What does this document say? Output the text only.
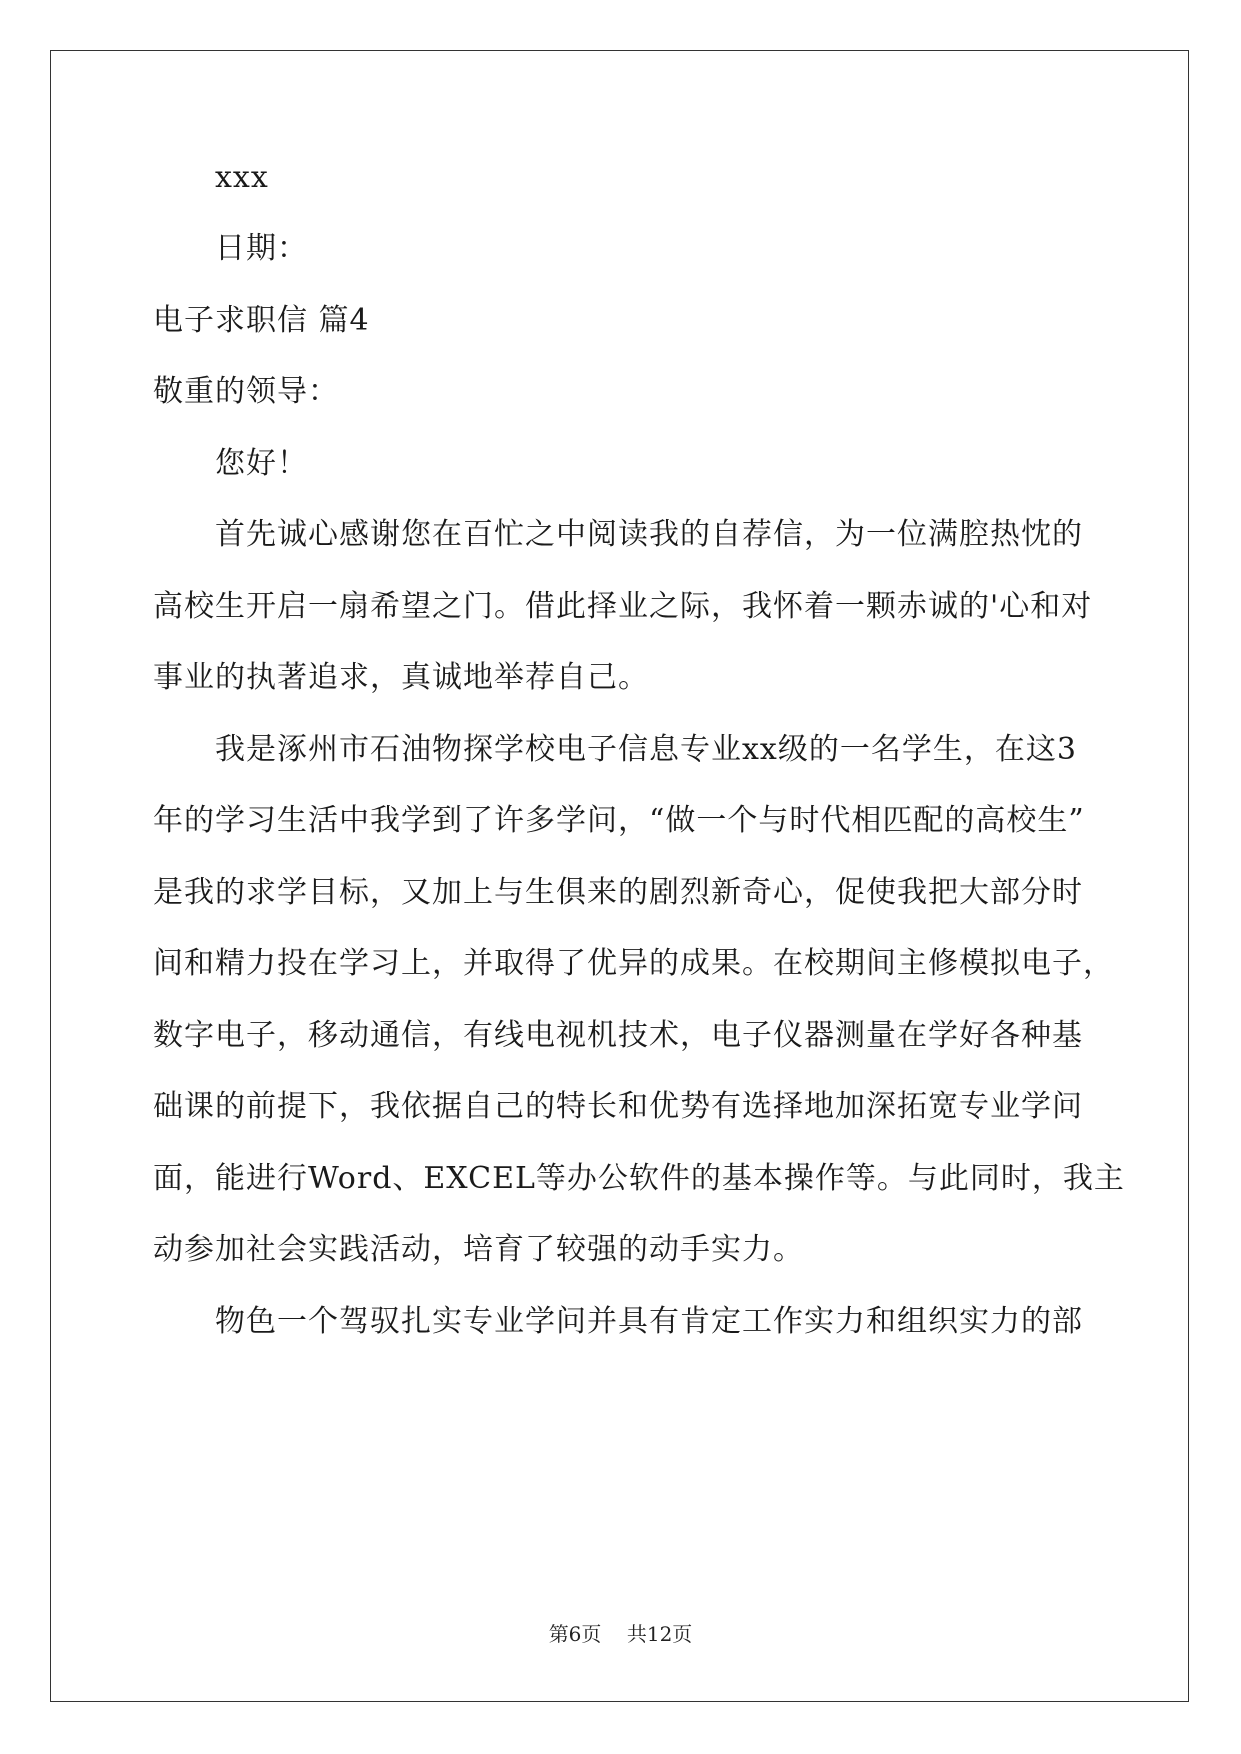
xxx
日期：
电子求职信 篇4
敬重的领导：
您好！
首先诚心感谢您在百忙之中阅读我的自荐信，为一位满腔热忱的
高校生开启一扇希望之门。借此择业之际，我怀着一颗赤诚的'心和对
事业的执著追求，真诚地举荐自己。
我是涿州市石油物探学校电子信息专业xx级的一名学生，在这3
年的学习生活中我学到了许多学问，“做一个与时代相匹配的高校生”
是我的求学目标，又加上与生俱来的剧烈新奇心，促使我把大部分时
间和精力投在学习上，并取得了优异的成果。在校期间主修模拟电子，
数字电子，移动通信，有线电视机技术，电子仪器测量在学好各种基
础课的前提下，我依据自己的特长和优势有选择地加深拓宽专业学问
面，能进行Word、EXCEL等办公软件的基本操作等。与此同时，我主
动参加社会实践活动，培育了较强的动手实力。
物色一个驾驭扎实专业学问并具有肯定工作实力和组织实力的部
第6页 共12页
